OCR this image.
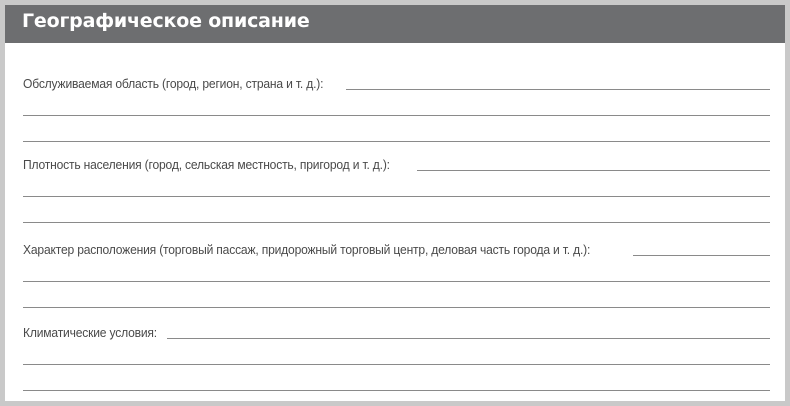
Географическое описание
Обслуживаемая область (город, регион, страна и т. д.):
Плотность населения (город, сельская местность, пригород и т. д.):
Характер расположения (торговый пассаж, придорожный торговый центр, деловая часть города и т. д.):
Климатические условия:
